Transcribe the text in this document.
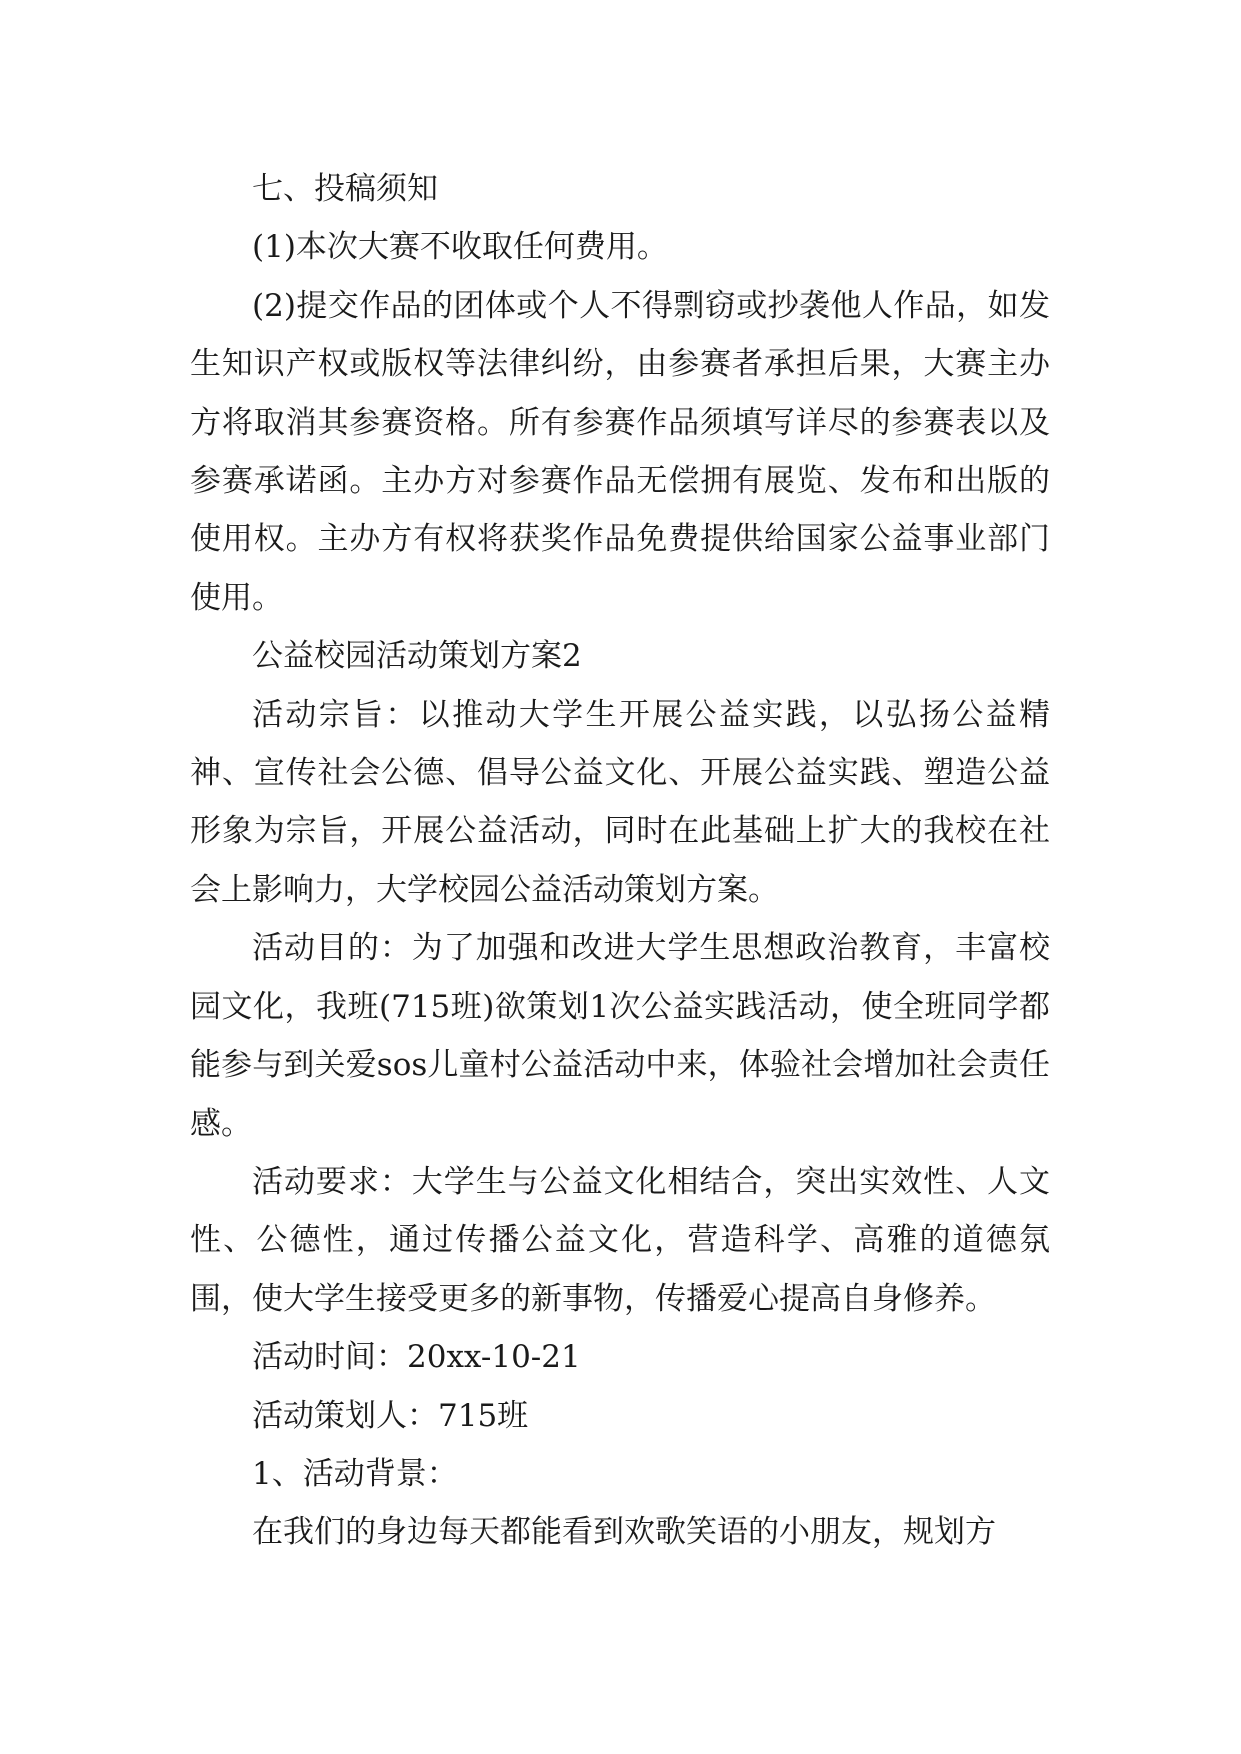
七、投稿须知

(1)本次大赛不收取任何费用。

(2)提交作品的团体或个人不得剽窃或抄袭他人作品，如发生知识产权或版权等法律纠纷，由参赛者承担后果，大赛主办方将取消其参赛资格。所有参赛作品须填写详尽的参赛表以及参赛承诺函。主办方对参赛作品无偿拥有展览、发布和出版的使用权。主办方有权将获奖作品免费提供给国家公益事业部门使用。

公益校园活动策划方案2

活动宗旨：以推动大学生开展公益实践，以弘扬公益精神、宣传社会公德、倡导公益文化、开展公益实践、塑造公益形象为宗旨，开展公益活动，同时在此基础上扩大的我校在社会上影响力，大学校园公益活动策划方案。

活动目的：为了加强和改进大学生思想政治教育，丰富校园文化，我班(715班)欲策划1次公益实践活动，使全班同学都能参与到关爱sos儿童村公益活动中来，体验社会增加社会责任感。

活动要求：大学生与公益文化相结合，突出实效性、人文性、公德性，通过传播公益文化，营造科学、高雅的道德氛围，使大学生接受更多的新事物，传播爱心提高自身修养。

活动时间：20xx-10-21

活动策划人：715班

1、活动背景：

在我们的身边每天都能看到欢歌笑语的小朋友，规划方
